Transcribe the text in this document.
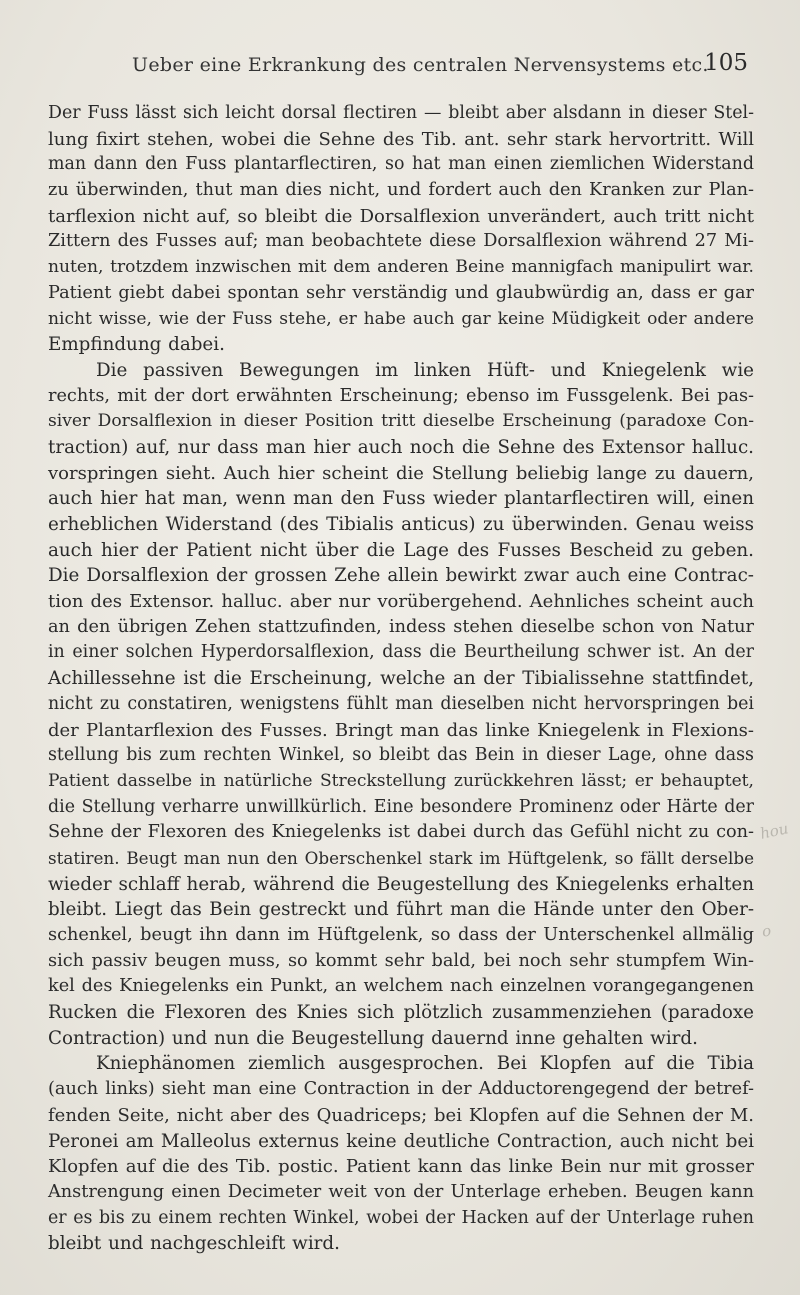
Ueber eine Erkrankung des centralen Nervensystems etc.
105
Der Fuss lässt sich leicht dorsal flectiren — bleibt aber alsdann in dieser Stel-
lung fixirt stehen, wobei die Sehne des Tib. ant. sehr stark hervortritt. Will
man dann den Fuss plantarflectiren, so hat man einen ziemlichen Widerstand
zu überwinden, thut man dies nicht, und fordert auch den Kranken zur Plan-
tarflexion nicht auf, so bleibt die Dorsalflexion unverändert, auch tritt nicht
Zittern des Fusses auf; man beobachtete diese Dorsalflexion während 27 Mi-
nuten, trotzdem inzwischen mit dem anderen Beine mannigfach manipulirt war.
Patient giebt dabei spontan sehr verständig und glaubwürdig an, dass er gar
nicht wisse, wie der Fuss stehe, er habe auch gar keine Müdigkeit oder andere
Empfindung dabei.
Die passiven Bewegungen im linken Hüft- und Kniegelenk wie
rechts, mit der dort erwähnten Erscheinung; ebenso im Fussgelenk. Bei pas-
siver Dorsalflexion in dieser Position tritt dieselbe Erscheinung (paradoxe Con-
traction) auf, nur dass man hier auch noch die Sehne des Extensor halluc.
vorspringen sieht. Auch hier scheint die Stellung beliebig lange zu dauern,
auch hier hat man, wenn man den Fuss wieder plantarflectiren will, einen
erheblichen Widerstand (des Tibialis anticus) zu überwinden. Genau weiss
auch hier der Patient nicht über die Lage des Fusses Bescheid zu geben.
Die Dorsalflexion der grossen Zehe allein bewirkt zwar auch eine Contrac-
tion des Extensor. halluc. aber nur vorübergehend. Aehnliches scheint auch
an den übrigen Zehen stattzufinden, indess stehen dieselbe schon von Natur
in einer solchen Hyperdorsalflexion, dass die Beurtheilung schwer ist. An der
Achillessehne ist die Erscheinung, welche an der Tibialissehne stattfindet,
nicht zu constatiren, wenigstens fühlt man dieselben nicht hervorspringen bei
der Plantarflexion des Fusses. Bringt man das linke Kniegelenk in Flexions-
stellung bis zum rechten Winkel, so bleibt das Bein in dieser Lage, ohne dass
Patient dasselbe in natürliche Streckstellung zurückkehren lässt; er behauptet,
die Stellung verharre unwillkürlich. Eine besondere Prominenz oder Härte der
Sehne der Flexoren des Kniegelenks ist dabei durch das Gefühl nicht zu con-
statiren. Beugt man nun den Oberschenkel stark im Hüftgelenk, so fällt derselbe
wieder schlaff herab, während die Beugestellung des Kniegelenks erhalten
bleibt. Liegt das Bein gestreckt und führt man die Hände unter den Ober-
schenkel, beugt ihn dann im Hüftgelenk, so dass der Unterschenkel allmälig
sich passiv beugen muss, so kommt sehr bald, bei noch sehr stumpfem Win-
kel des Kniegelenks ein Punkt, an welchem nach einzelnen vorangegangenen
Rucken die Flexoren des Knies sich plötzlich zusammenziehen (paradoxe
Contraction) und nun die Beugestellung dauernd inne gehalten wird.
Kniephänomen ziemlich ausgesprochen. Bei Klopfen auf die Tibia
(auch links) sieht man eine Contraction in der Adductorengegend der betref-
fenden Seite, nicht aber des Quadriceps; bei Klopfen auf die Sehnen der M.
Peronei am Malleolus externus keine deutliche Contraction, auch nicht bei
Klopfen auf die des Tib. postic. Patient kann das linke Bein nur mit grosser
Anstrengung einen Decimeter weit von der Unterlage erheben. Beugen kann
er es bis zu einem rechten Winkel, wobei der Hacken auf der Unterlage ruhen
bleibt und nachgeschleift wird.
hou
o
